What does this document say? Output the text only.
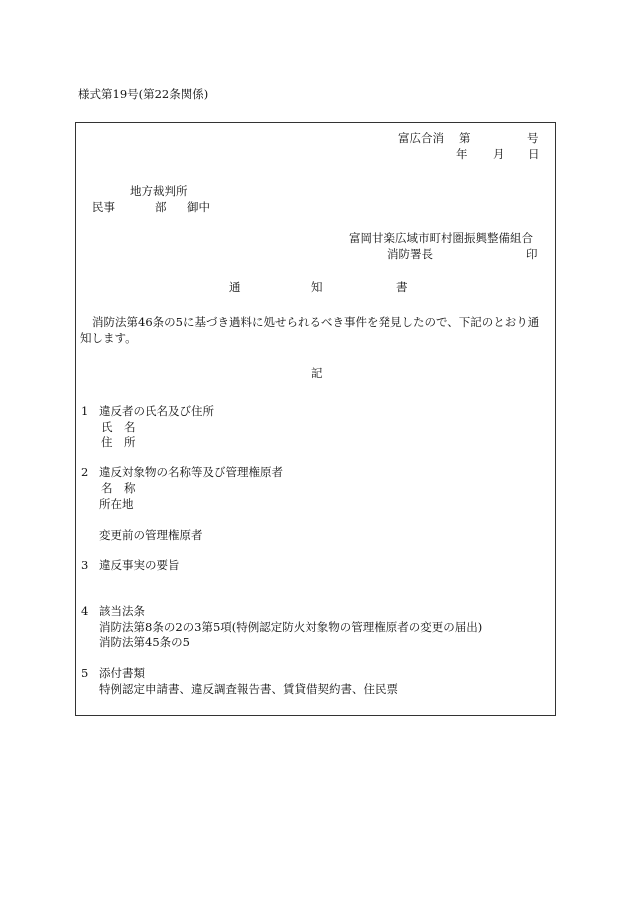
様式第19号(第22条関係)
富広合消 第	号
年 月 日
地方裁判所
民事	部 御中
富岡甘楽広域市町村圏振興整備組合
消防署長	印
通	知	書
消防法第46条の5に基づき過料に処せられるべき事件を発見したので、下記のとおり通
知します。
記
1 違反者の氏名及び住所
氏 名
住 所
2 違反対象物の名称等及び管理権原者
名 称
所在地
変更前の管理権原者
3 違反事実の要旨
4 該当法条
消防法第8条の2の3第5項(特例認定防火対象物の管理権原者の変更の届出)
消防法第45条の5
5 添付書類
特例認定申請書、違反調査報告書、賃貸借契約書、住民票
